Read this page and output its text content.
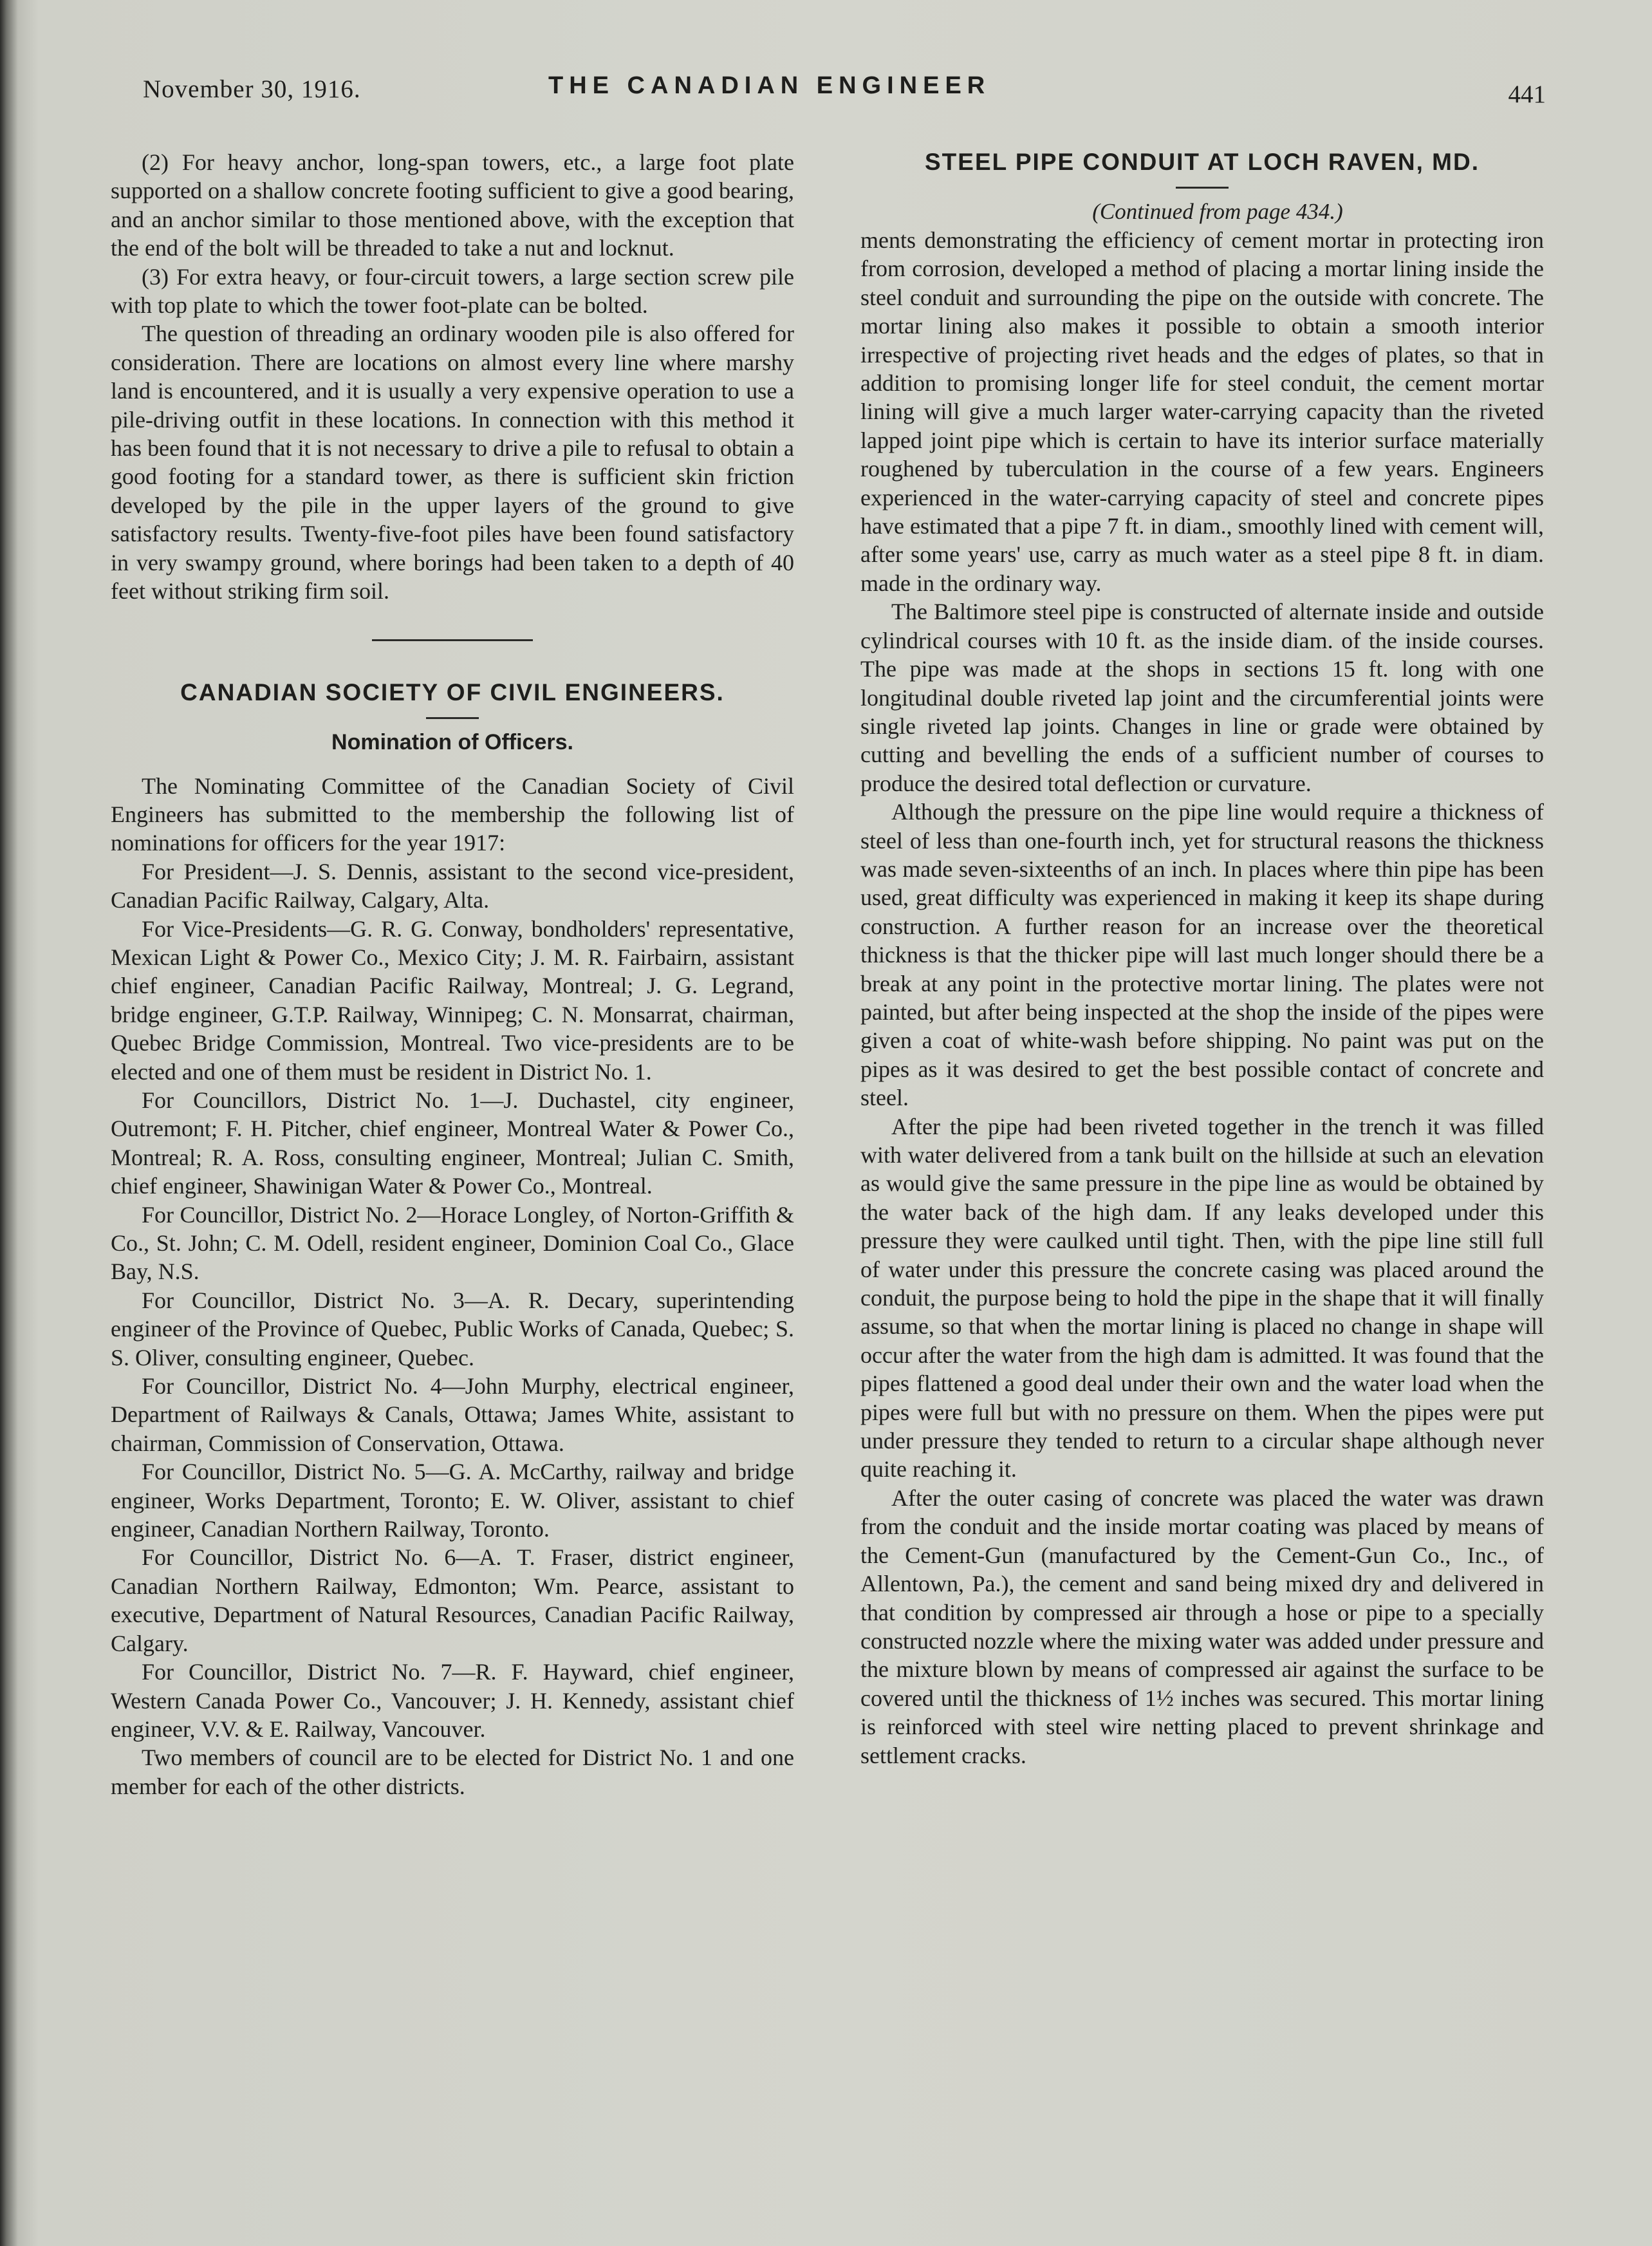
November 30, 1916.	THE CANADIAN ENGINEER	441

(2) For heavy anchor, long-span towers, etc., a large foot plate supported on a shallow concrete footing sufficient to give a good bearing, and an anchor similar to those mentioned above, with the exception that the end of the bolt will be threaded to take a nut and locknut.

(3) For extra heavy, or four-circuit towers, a large section screw pile with top plate to which the tower foot-plate can be bolted.

The question of threading an ordinary wooden pile is also offered for consideration. There are locations on almost every line where marshy land is encountered, and it is usually a very expensive operation to use a pile-driving outfit in these locations. In connection with this method it has been found that it is not necessary to drive a pile to refusal to obtain a good footing for a standard tower, as there is sufficient skin friction developed by the pile in the upper layers of the ground to give satisfactory results. Twenty-five-foot piles have been found satisfactory in very swampy ground, where borings had been taken to a depth of 40 feet without striking firm soil.

CANADIAN SOCIETY OF CIVIL ENGINEERS.
Nomination of Officers.

The Nominating Committee of the Canadian Society of Civil Engineers has submitted to the membership the following list of nominations for officers for the year 1917:

For President—J. S. Dennis, assistant to the second vice-president, Canadian Pacific Railway, Calgary, Alta.

For Vice-Presidents—G. R. G. Conway, bondholders' representative, Mexican Light & Power Co., Mexico City; J. M. R. Fairbairn, assistant chief engineer, Canadian Pacific Railway, Montreal; J. G. Legrand, bridge engineer, G.T.P. Railway, Winnipeg; C. N. Monsarrat, chairman, Quebec Bridge Commission, Montreal. Two vice-presidents are to be elected and one of them must be resident in District No. 1.

For Councillors, District No. 1—J. Duchastel, city engineer, Outremont; F. H. Pitcher, chief engineer, Montreal Water & Power Co., Montreal; R. A. Ross, consulting engineer, Montreal; Julian C. Smith, chief engineer, Shawinigan Water & Power Co., Montreal.

For Councillor, District No. 2—Horace Longley, of Norton-Griffith & Co., St. John; C. M. Odell, resident engineer, Dominion Coal Co., Glace Bay, N.S.

For Councillor, District No. 3—A. R. Decary, superintending engineer of the Province of Quebec, Public Works of Canada, Quebec; S. S. Oliver, consulting engineer, Quebec.

For Councillor, District No. 4—John Murphy, electrical engineer, Department of Railways & Canals, Ottawa; James White, assistant to chairman, Commission of Conservation, Ottawa.

For Councillor, District No. 5—G. A. McCarthy, railway and bridge engineer, Works Department, Toronto; E. W. Oliver, assistant to chief engineer, Canadian Northern Railway, Toronto.

For Councillor, District No. 6—A. T. Fraser, district engineer, Canadian Northern Railway, Edmonton; Wm. Pearce, assistant to executive, Department of Natural Resources, Canadian Pacific Railway, Calgary.

For Councillor, District No. 7—R. F. Hayward, chief engineer, Western Canada Power Co., Vancouver; J. H. Kennedy, assistant chief engineer, V.V. & E. Railway, Vancouver.

Two members of council are to be elected for District No. 1 and one member for each of the other districts.

STEEL PIPE CONDUIT AT LOCH RAVEN, MD.

(Continued from page 434.)

ments demonstrating the efficiency of cement mortar in protecting iron from corrosion, developed a method of placing a mortar lining inside the steel conduit and surrounding the pipe on the outside with concrete. The mortar lining also makes it possible to obtain a smooth interior irrespective of projecting rivet heads and the edges of plates, so that in addition to promising longer life for steel conduit, the cement mortar lining will give a much larger water-carrying capacity than the riveted lapped joint pipe which is certain to have its interior surface materially roughened by tuberculation in the course of a few years. Engineers experienced in the water-carrying capacity of steel and concrete pipes have estimated that a pipe 7 ft. in diam., smoothly lined with cement will, after some years' use, carry as much water as a steel pipe 8 ft. in diam. made in the ordinary way.

The Baltimore steel pipe is constructed of alternate inside and outside cylindrical courses with 10 ft. as the inside diam. of the inside courses. The pipe was made at the shops in sections 15 ft. long with one longitudinal double riveted lap joint and the circumferential joints were single riveted lap joints. Changes in line or grade were obtained by cutting and bevelling the ends of a sufficient number of courses to produce the desired total deflection or curvature.

Although the pressure on the pipe line would require a thickness of steel of less than one-fourth inch, yet for structural reasons the thickness was made seven-sixteenths of an inch. In places where thin pipe has been used, great difficulty was experienced in making it keep its shape during construction. A further reason for an increase over the theoretical thickness is that the thicker pipe will last much longer should there be a break at any point in the protective mortar lining. The plates were not painted, but after being inspected at the shop the inside of the pipes were given a coat of white-wash before shipping. No paint was put on the pipes as it was desired to get the best possible contact of concrete and steel.

After the pipe had been riveted together in the trench it was filled with water delivered from a tank built on the hillside at such an elevation as would give the same pressure in the pipe line as would be obtained by the water back of the high dam. If any leaks developed under this pressure they were caulked until tight. Then, with the pipe line still full of water under this pressure the concrete casing was placed around the conduit, the purpose being to hold the pipe in the shape that it will finally assume, so that when the mortar lining is placed no change in shape will occur after the water from the high dam is admitted. It was found that the pipes flattened a good deal under their own and the water load when the pipes were full but with no pressure on them. When the pipes were put under pressure they tended to return to a circular shape although never quite reaching it.

After the outer casing of concrete was placed the water was drawn from the conduit and the inside mortar coating was placed by means of the Cement-Gun (manufactured by the Cement-Gun Co., Inc., of Allentown, Pa.), the cement and sand being mixed dry and delivered in that condition by compressed air through a hose or pipe to a specially constructed nozzle where the mixing water was added under pressure and the mixture blown by means of compressed air against the surface to be covered until the thickness of 1½ inches was secured. This mortar lining is reinforced with steel wire netting placed to prevent shrinkage and settlement cracks.
